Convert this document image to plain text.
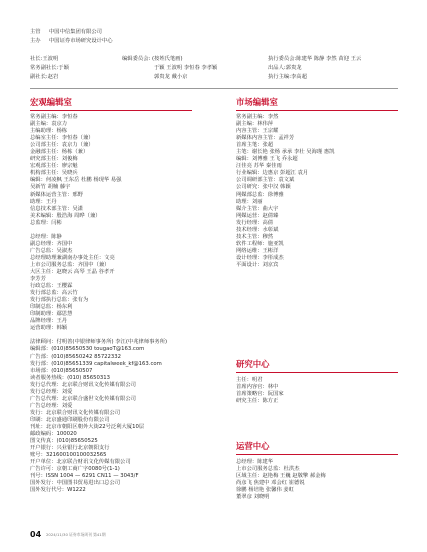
主管 中国中信集团有限公司
主办 中国证券市场研究设计中心
社长:王波明
常务副社长:于颖
副社长:赵岩
编辑委员会: (按姓氏笔画)
于颖 王波明 李恒春 李孝颖
郭贵龙 戴小京
执行委员会:陈建华 陈静 李然 苗迎 王云
出品人:郭贵龙
执行主编:李高超
宏观编辑室
常务副主编：李恒春
副主编：袁京力
主编助理：杨栋
总编室主任：李恒春（兼）
公司部主任：袁京力（兼）
金融部主任：杨栋（兼）
研究部主任：刘俊梅
宏观部主任：廖宗魁
机构部主任：吴晓兵
编辑：何凌枫 王东岳 杜鹏 杨现华 易强
吴新竹 胡楠 藤宇
新媒体运营主管：邢野
助理：王丹
信息技术部主管：吴潇
美术编辑：殷浩海 周晔（兼）
总监理：闫彬
总经理：陈静
副总经理：齐国中
广告总监：吴淑杰
总经理助理兼湖南办事处主任：文亮
上市公司服务总监：齐国中（兼）
大区主任：赵晓云 高琴 王晶 谷孝开
李芳芳
行政总监：王樱霖
发行部总监：高云竹
发行部执行总监：张有为
印制总监：杨东利
印制助理：鄢思慧
品牌经理：王丹
运营助理：韩颖
法律顾问：付明善(中银律师事务所) 李江(中兆律师事务所)
编辑部：(010)85650530 tougaoT@163.com
广告部：(010)85650242 85722332
发行部：(010)85651339 capitalweek_kf@163.com
市场部：(010)85650507
读者服务热线：(010) 85650313
发行总代理：北京联合财讯文化传媒有限公司
发行总经理：刘爱
广告总代理：北京联合盛世文化传媒有限公司
广告总经理：刘爱
发行：北京联合财讯文化传媒有限公司
印刷：北京盛通印刷股份有限公司
刊址：北京市朝阳区朝外大街22号泛利大厦10层
邮政编码：100020
图文传真：(010)85650525
开户银行：兴业银行北京朝阳支行
账号：321600100100032565
开户单位：北京联合财讯文化传媒有限公司
广告许可：京朝工商广字0080号(1-1)
刊号：ISSN 1004 — 6291 CN11 — 3043/F
国外发行：中国图书贸易进出口总公司
国外发行代号：W1222
市场编辑室
常务副主编：李然
副主编：林伟萍
内容主管：王宗耀
新媒体内容主管：孟祥芳
首席主笔：张超
主笔：谢长艳 张杨 承承 李壮 吴海瑾 惠凯
编辑：刘博雅 王飞 乔永超
汪佳亮 苏华 秦佳雨
行业编辑：边惠京 彭超江 袁月
公司调研部主管：袁文斌
公司研究：张中汉 韩颖
网媒部总监：徐博雅
助理：刘丽
媒介主管：曲大宇
网媒运营：赵倩臻
发行经理：高倩
技术经理：水彰斌
技术主管：穆然
软件工程师：施亚凯
网络运维：王彬洋
设计经理：李彤成杰
平面设计：刘京宾
研究中心
主任：明君
首席内容官：林中
首席策略官：阮国家
研究主任：陈方正
运营中心
总经理：陈建华
上市公司服务总监：杜洪杰
区域主任：赵艳梅 王巍 赵敬擎 郝金梅
尚彦飞 焦建中 邓会红 崔德锐
徐鹏 杨培艳 张馨伟 姜虹
董翠彦 刘晓明
04 2024/11/30 证券市场周刊 第41期
